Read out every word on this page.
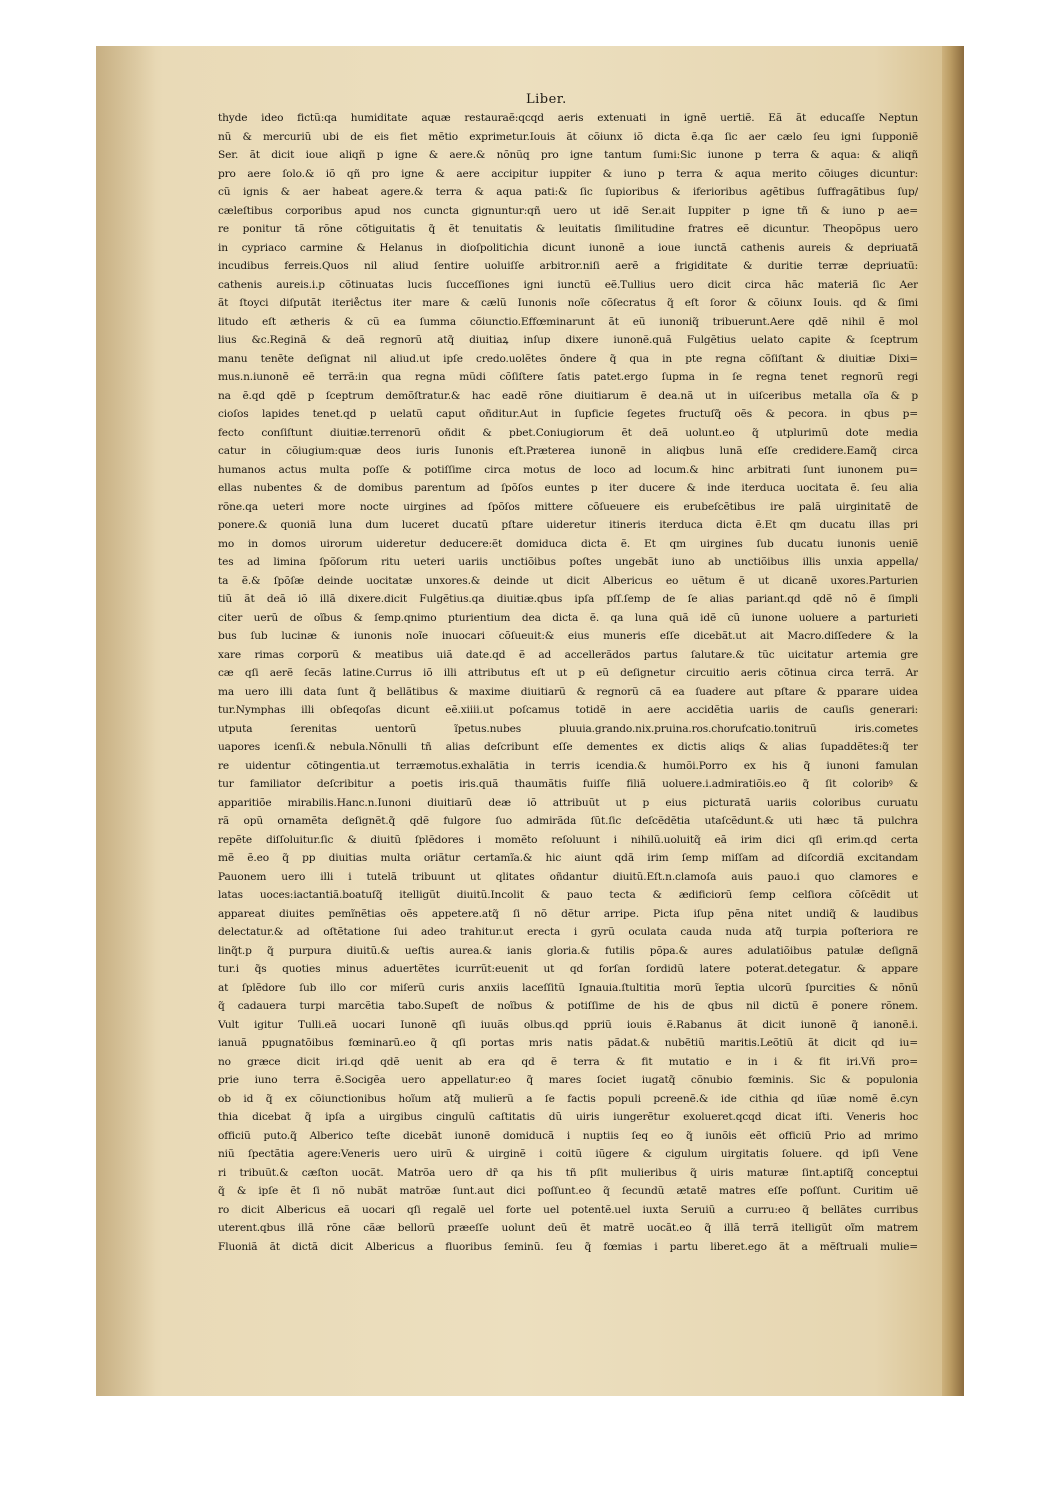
Liber.
thyde ideo fictũ:qa humiditate aquæ restauraẽ:qcqd aeris extenuati in ignẽ uertiẽ. Eã ãt educaſſe Neptun
nũ & mercuriũ ubi de eis fiet mẽtio exprimetur.Iouis ãt cõiunx iõ dicta ẽ.qa ſic aer cælo ſeu igni ſupponiẽ
Ser. ãt dicit ioue aliqñ p igne & aere.& nõnũq pro igne tantum ſumi:Sic iunone p terra & aqua: & aliqñ
pro aere ſolo.& iõ qñ pro igne & aere accipitur iuppiter & iuno p terra & aqua merito cõiuges dicuntur:
cũ ignis & aer habeat agere.& terra & aqua pati:& ſic ſupioribus & iferioribus agẽtibus ſuffragãtibus ſup/
cæleſtibus corporibus apud nos cuncta gignuntur:qñ uero ut idẽ Ser.ait Iuppiter p igne tñ & iuno p ae=
re ponitur tã rõne cõtiguitatis q̃ ẽt tenuitatis & leuitatis ſimilitudine fratres eẽ dicuntur. Theopõpus uero
in cypriaco carmine & Helanus in dioſpolitichia dicunt iunonẽ a ioue iunctã cathenis aureis & depriuatã
incudibus ferreis.Quos nil aliud ſentire uoluiſſe arbitror.niſi aerẽ a frigiditate & duritie terræ depriuatũ:
cathenis aureis.i.p cõtinuatas lucis ſucceſſiones igni iunctũ eẽ.Tullius uero dicit circa hãc materiã ſic Aer
ãt ſtoyci diſputãt iterie̊ctus iter mare & cælũ Iunonis noĩe cõſecratus q̃ eſt ſoror & cõiunx Iouis. qd & ſimi
litudo eſt ætheris & cũ ea ſumma cõiunctio.Effœminarunt ãt eũ iunoniq̃ tribuerunt.Aere qdẽ nihil ẽ mol
lius &c.Reginã & deã regnorũ atq̃ diuitiaꝝ inſup dixere iunonẽ.quã Fulgẽtius uelato capite & ſceptrum
manu tenẽte deſignat nil aliud.ut ipſe credo.uolẽtes õndere q̃ qua in pte regna cõſiſtant & diuitiæ Dixi=
mus.n.iunonẽ eẽ terrã:in qua regna mũdi cõſiſtere ſatis patet.ergo ſupma in ſe regna tenet regnorũ regi
na ẽ.qd qdẽ p ſceptrum demõſtratur.& hac eadẽ rõne diuitiarum ẽ dea.nã ut in uiſceribus metalla oĩa & p
cioſos lapides tenet.qd p uelatũ caput oñditur.Aut in ſupficie ſegetes fructuſq̃ oẽs & pecora. in qbus p=
fecto conſiſtunt diuitiæ.terrenorũ oñdit & pbet.Coniugiorum ẽt deã uolunt.eo q̃ utplurimũ dote media
catur in cõiugium:quæ deos iuris Iunonis eſt.Præterea iunonẽ in aliqbus lunã eſſe credidere.Eamq̃ circa
humanos actus multa poſſe & potiſſime circa motus de loco ad locum.& hinc arbitrati ſunt iunonem pu=
ellas nubentes & de domibus parentum ad ſpõſos euntes p iter ducere & inde iterduca uocitata ẽ. ſeu alia
rõne.qa ueteri more nocte uirgines ad ſpõſos mittere cõſueuere eis erubeſcẽtibus ire palã uirginitatẽ de
ponere.& quoniã luna dum luceret ducatũ pſtare uideretur itineris iterduca dicta ẽ.Et qm ducatu illas pri
mo in domos uirorum uideretur deducere:ẽt domiduca dicta ẽ. Et qm uirgines ſub ducatu iunonis ueniẽ
tes ad limina ſpõſorum ritu ueteri uariis unctiõibus poſtes ungebãt iuno ab unctiõibus illis unxia appella/
ta ẽ.& ſpõſæ deinde uocitatæ unxores.& deinde ut dicit Albericus eo uẽtum ẽ ut dicanẽ uxores.Parturien
tiũ ãt deã iõ illã dixere.dicit Fulgẽtius.qa diuitiæ.qbus ipſa pſſ.ſemp de ſe alias pariant.qd qdẽ nõ ẽ ſimpli
citer uerũ de oĩbus & ſemp.qnimo pturientium dea dicta ẽ. qa luna quã idẽ cũ iunone uoluere a parturieti
bus ſub lucinæ & iunonis noĩe inuocari cõſueuit:& eius muneris eſſe dicebãt.ut ait Macro.diſſedere & la
xare rimas corporũ & meatibus uiã date.qd ẽ ad accellerãdos partus ſalutare.& tũc uicitatur artemia gre
cæ qſi aerẽ ſecãs latine.Currus iõ illi attributus eſt ut p eũ deſignetur circuitio aeris cõtinua circa terrã. Ar
ma uero illi data ſunt q̃ bellãtibus & maxime diuitiarũ & regnorũ cã ea ſuadere aut pſtare & pparare uidea
tur.Nymphas illi obſeqoſas dicunt eẽ.xiiii.ut poſcamus totidẽ in aere accidẽtia uariis de cauſis generari:
utputa ſerenitas uentorũ ĩpetus.nubes pluuia.grando.nix.pruina.ros.chorufcatio.tonitruũ iris.cometes
uapores icenſi.& nebula.Nõnulli tñ alias deſcribunt eſſe dementes ex dictis aliqs & alias ſupaddẽtes:q̃ ter
re uidentur cõtingentia.ut terræmotus.exhalãtia in terris icendia.& humõi.Porro ex his q̃ iunoni famulan
tur familiator deſcribitur a poetis iris.quã thaumãtis fuiſſe filiã uoluere.i.admiratiõis.eo q̃ ſit coloribꝰ &
apparitiõe mirabilis.Hanc.n.Iunoni diuitiarũ deæ iõ attribuũt ut p eius picturatã uariis coloribus curuatu
rã opũ ornamẽta deſignẽt.q̃ qdẽ fulgore ſuo admirãda ſũt.ſic deſcẽdẽtia utaſcẽdunt.& uti hæc tã pulchra
repẽte diſſoluitur.ſic & diuitũ ſplẽdores i momẽto reſoluunt i nihilũ.uoluitq̃ eã irim dici qſi erim.qd certa
mẽ ẽ.eo q̃ pp diuitias multa oriãtur certamĩa.& hic aiunt qdã irim ſemp miſſam ad diſcordiã excitandam
Pauonem uero illi i tutelã tribuunt ut qlitates oñdantur diuitũ.Eſt.n.clamoſa auis pauo.i quo clamores e
latas uoces:iactantiã.boatuſq̃ itelligũt diuitũ.Incolit & pauo tecta & ædificiorũ ſemp celſiora cõſcẽdit ut
appareat diuites pemĩnẽtias oẽs appetere.atq̃ ſi nõ dẽtur arripe. Picta iſup pẽna nitet undiq̃ & laudibus
delectatur.& ad oſtẽtatione ſui adeo trahitur.ut erecta i gyrũ oculata cauda nuda atq̃ turpia poſteriora re
linq̃t.p q̃ purpura diuitũ.& ueſtis aurea.& ianis gloria.& futilis põpa.& aures adulatiõibus patulæ deſignã
tur.i q̃s quoties minus aduertẽtes icurrũt:euenit ut qd forſan ſordidũ latere poterat.detegatur. & appare
at ſplẽdore ſub illo cor miſerũ curis anxiis laceſſitũ Ignauia.ſtultitia morũ ĩeptia ulcorũ ſpurcities & nõnũ
q̃ cadauera turpi marcẽtia tabo.Supeſt de noĩbus & potiſſime de his de qbus nil dictũ ẽ ponere rõnem.
Vult igitur Tulli.eã uocari Iunonẽ qſi iuuãs olbus.qd ppriũ iouis ẽ.Rabanus ãt dicit iunonẽ q̃ ianonẽ.i.
ianuã ppugnatõibus fœminarũ.eo q̃ qſi portas mris natis pãdat.& nubẽtiũ maritis.Leõtiũ ãt dicit qd iu=
no græce dicit iri.qd qdẽ uenit ab era qd ẽ terra & fit mutatio e in i & fit iri.Vñ pro=
prie iuno terra ẽ.Socigẽa uero appellatur:eo q̃ mares ſociet iugatq̃ cõnubio fœminis. Sic & populonia
ob id q̃ ex cõiunctionibus hoĩum atq̃ mulierũ a ſe factis populi pcreenẽ.& ide cithia qd iũæ nomẽ ẽ.cyn
thia dicebat q̃ ipſa a uirgibus cingulũ caſtitatis dũ uiris iungerẽtur exolueret.qcqd dicat iſti. Veneris hoc
officiũ puto.q̃ Alberico teſte dicebãt iunonẽ domiducã i nuptiis ſeq eo q̃ iunõis eẽt officiũ Prio ad mrimo
niũ ſpectãtia agere:Veneris uero uirũ & uirginẽ i coitũ iũgere & cigulum uirgitatis ſoluere. qd ipſi Vene
ri tribuũt.& cæſton uocãt. Matrõa uero dr̃ qa his tñ pſit mulieribus q̃ uiris maturæ ſint.aptiſq̃ conceptui
q̃ & ipſe ẽt ſi nõ nubãt matrõæ ſunt.aut dici poſſunt.eo q̃ ſecundũ ætatẽ matres eſſe poſſunt. Curitim uẽ
ro dicit Albericus eã uocari qſi regalẽ uel forte uel potentẽ.uel iuxta Seruiũ a curru:eo q̃ bellãtes curribus
uterent.qbus illã rõne cãæ bellorũ præeſſe uolunt deũ ẽt matrẽ uocãt.eo q̃ illã terrã itelligũt oĩm matrem
Fluoniã ãt dictã dicit Albericus a fluoribus ſeminũ. ſeu q̃ fœmias i partu liberet.ego ãt a mẽſtruali mulie=
